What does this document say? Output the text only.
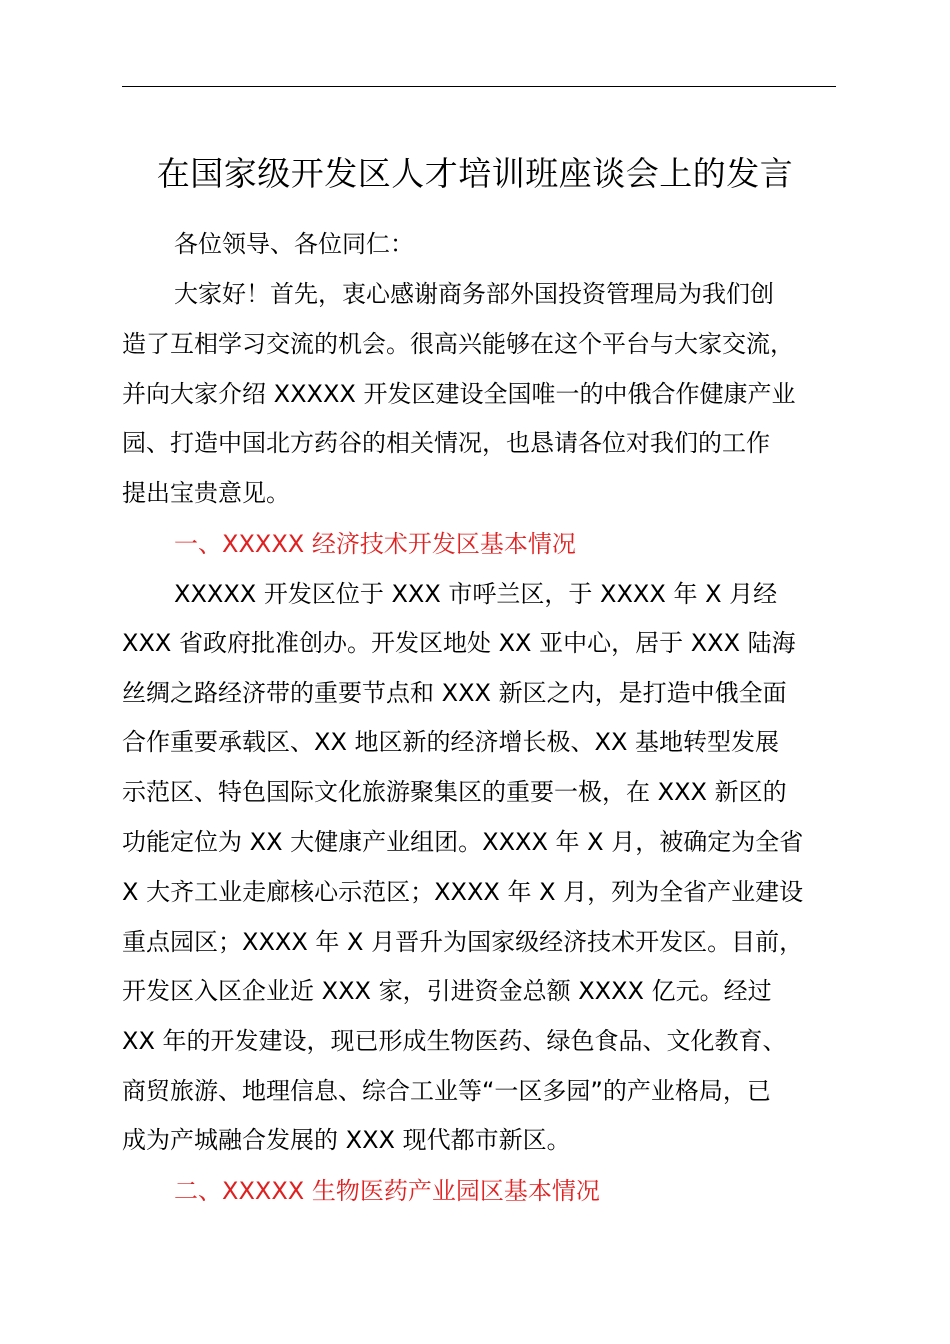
在国家级开发区人才培训班座谈会上的发言
各位领导、各位同仁：
大家好！首先，衷心感谢商务部外国投资管理局为我们创
造了互相学习交流的机会。很高兴能够在这个平台与大家交流，
并向大家介绍 XXXXX 开发区建设全国唯一的中俄合作健康产业
园、打造中国北方药谷的相关情况，也恳请各位对我们的工作
提出宝贵意见。
一、XXXXX 经济技术开发区基本情况
XXXXX 开发区位于 XXX 市呼兰区，于 XXXX 年 X 月经
XXX 省政府批准创办。开发区地处 XX 亚中心，居于 XXX 陆海
丝绸之路经济带的重要节点和 XXX 新区之内，是打造中俄全面
合作重要承载区、XX 地区新的经济增长极、XX 基地转型发展
示范区、特色国际文化旅游聚集区的重要一极，在 XXX 新区的
功能定位为 XX 大健康产业组团。XXXX 年 X 月，被确定为全省
X 大齐工业走廊核心示范区；XXXX 年 X 月，列为全省产业建设
重点园区；XXXX 年 X 月晋升为国家级经济技术开发区。目前，
开发区入区企业近 XXX 家，引进资金总额 XXXX 亿元。经过
XX 年的开发建设，现已形成生物医药、绿色食品、文化教育、
商贸旅游、地理信息、综合工业等“一区多园”的产业格局，已
成为产城融合发展的 XXX 现代都市新区。
二、XXXXX 生物医药产业园区基本情况
